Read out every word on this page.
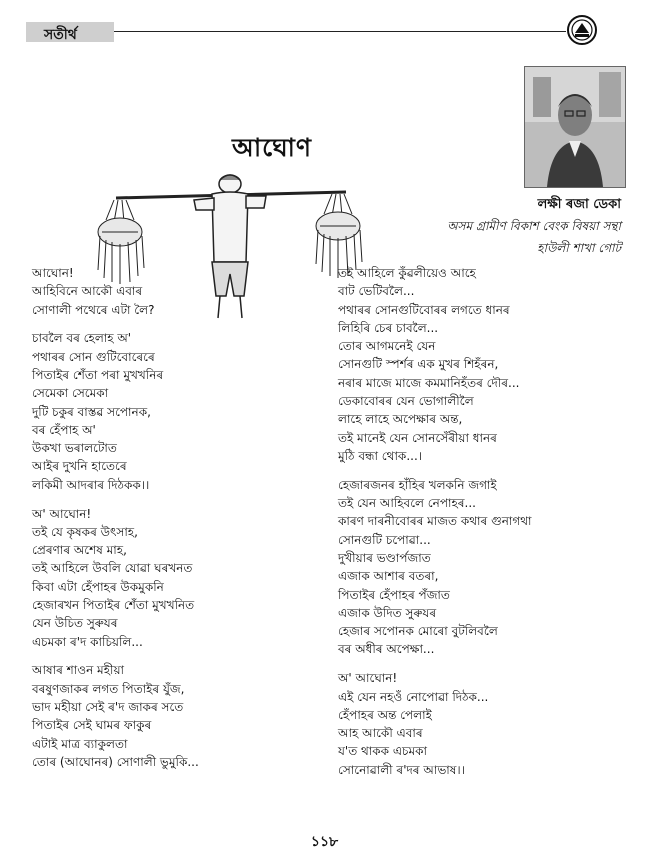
সতীৰ্থ
আঘোণ
লক্ষী ৰজা ডেকা
অসম গ্ৰামীণ বিকাশ বেংক বিষয়া সন্থা
হাউলী শাখা গোট
আঘোন!
আহিবিনে আকৌ এবাৰ
সোণালী পথেৰে এটা লৈ?
চাবলৈ বৰ হেলাহ অ'
পথাৰৰ সোন গুটিবোৰেৰে
পিতাইৰ শেঁতা পৰা মুখখনিৰ
সেমেকা সেমেকা
দুটি চকুৰ বাস্তৱ সপোনক,
বৰ হেঁপাহ অ'
উকখা ভৰালটোত
আইৰ দুখনি হাতেৰে
লকিমী আদৰাৰ দিঠকক।।
অ' আঘোন!
তই যে কৃষকৰ উৎসাহ,
প্ৰেৰণাৰ অশেষ মাহ,
তই আহিলে উবলি যোৱা ঘৰখনত
কিবা এটা হেঁপাহৰ উকমুকনি
হেজাৰখন পিতাইৰ শেঁতা মুখখনিত
যেন উচিত সুৰুযৰ
এচমকা ৰ'দ কাচিয়লি...
আষাৰ শাওন মহীয়া
বৰষুণজাকৰ লগত পিতাইৰ যুঁজ,
ভাদ মহীয়া সেই ৰ'দ জাকৰ সতে
পিতাইৰ সেই ঘামৰ ফাকুৰ
এটাই মাত্ৰ ব্যাকুলতা
তোৰ (আঘোনৰ) সোণালী ভুমুকি...
তই আহিলে কুঁৱলীয়েও আহে
বাট ভেটিবলৈ...
পথাৰৰ সোনগুটিবোৰৰ লগতে ধানৰ
লিহিৰি চেৰ চাবলৈ...
তোৰ আগমনেই যেন
সোনগুটি স্পৰ্শৰ এক মুখৰ শিহঁৰন,
নৰাৰ মাজে মাজে কমমানিহঁতৰ দৌৰ...
ডেকাবোৰৰ যেন ভোগালীলৈ
লাহে লাহে অপেক্ষাৰ অন্ত,
তই মানেই যেন সোনসেঁৰীয়া ধানৰ
মুঠি বন্ধা থোক...।
হেজাৰজনৰ হাঁহিৰ খলকনি জগাই
তই যেন আহিবলে নেপাহৰ...
কাৰণ দাৰনীবোৰৰ মাজত কথাৰ গুনাগথা
সোনগুটি চপোৱা...
দুখীয়াৰ ভণ্ডাৰ্পজাত
এজাক আশাৰ বতৰা,
পিতাইৰ হেঁপাহৰ পঁজাত
এজাক উদিত সুৰুযৰ
হেজাৰ সপোনক মোৰো বুটলিবলৈ
বৰ অধীৰ অপেক্ষা...
অ' আঘোন!
এই যেন নহওঁ নোপোৱা দিঠক...
হেঁপাহৰ অন্ত পেলাই
আহ আকৌ এবাৰ
য'ত থাকক এচমকা
সোনোৱালী ৰ'দৰ আভাষ।।
১১৮
